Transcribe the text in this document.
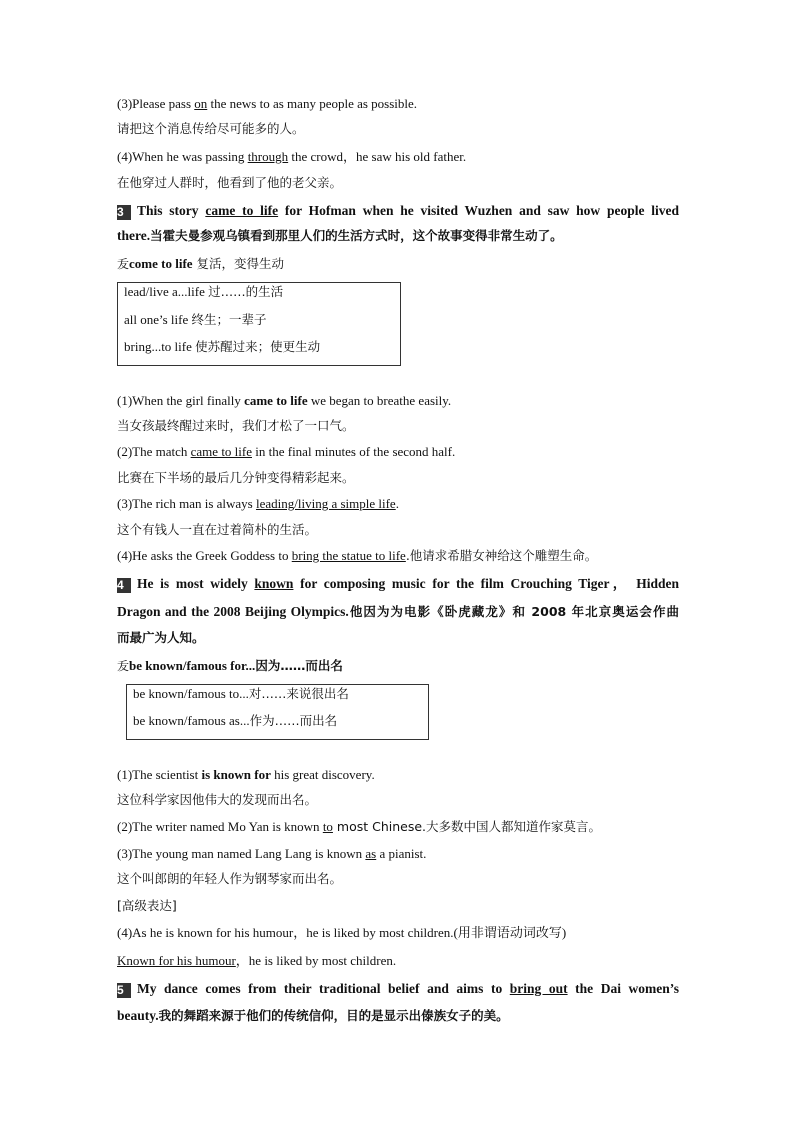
(3)Please pass on the news to as many people as possible.
请把这个消息传给尽可能多的人。
(4)When he was passing through the crowd，he saw his old father.
在他穿过人群时，他看到了他的老父亲。
3 This story came to life for Hofman when he visited Wuzhen and saw how people lived
there.当霍夫曼参观乌镇看到那里人们的生活方式时，这个故事变得非常生动了。
叐come to life 复活，变得生动
lead/live a...life 过……的生活
all one’s life 终生；一辈子
bring...to life 使苏醒过来；使更生动
(1)When the girl finally came to life we began to breathe easily.
当女孩最终醒过来时，我们才松了一口气。
(2)The match came to life in the final minutes of the second half.
比赛在下半场的最后几分钟变得精彩起来。
(3)The rich man is always leading/living a simple life.
这个有钱人一直在过着简朴的生活。
(4)He asks the Greek Goddess to bring the statue to life.他请求希腊女神给这个雕塑生命。
4 He is most widely known for composing music for the film Crouching Tiger， Hidden
Dragon and the 2008 Beijing Olympics.他因为为电影《卧虎藏龙》和 2008 年北京奥运会作曲
而最广为人知。
叐be known/famous for...因为……而出名
be known/famous to...对……来说很出名
be known/famous as...作为……而出名
(1)The scientist is known for his great discovery.
这位科学家因他伟大的发现而出名。
(2)The writer named Mo Yan is known to most Chinese.大多数中国人都知道作家莫言。
(3)The young man named Lang Lang is known as a pianist.
这个叫郎朗的年轻人作为钢琴家而出名。
[高级表达]
(4)As he is known for his humour，he is liked by most children.(用非谓语动词改写)
Known for his humour，he is liked by most children.
5 My dance comes from their traditional belief and aims to bring out the Dai women’s
beauty.我的舞蹈来源于他们的传统信仰，目的是显示出傣族女子的美。
